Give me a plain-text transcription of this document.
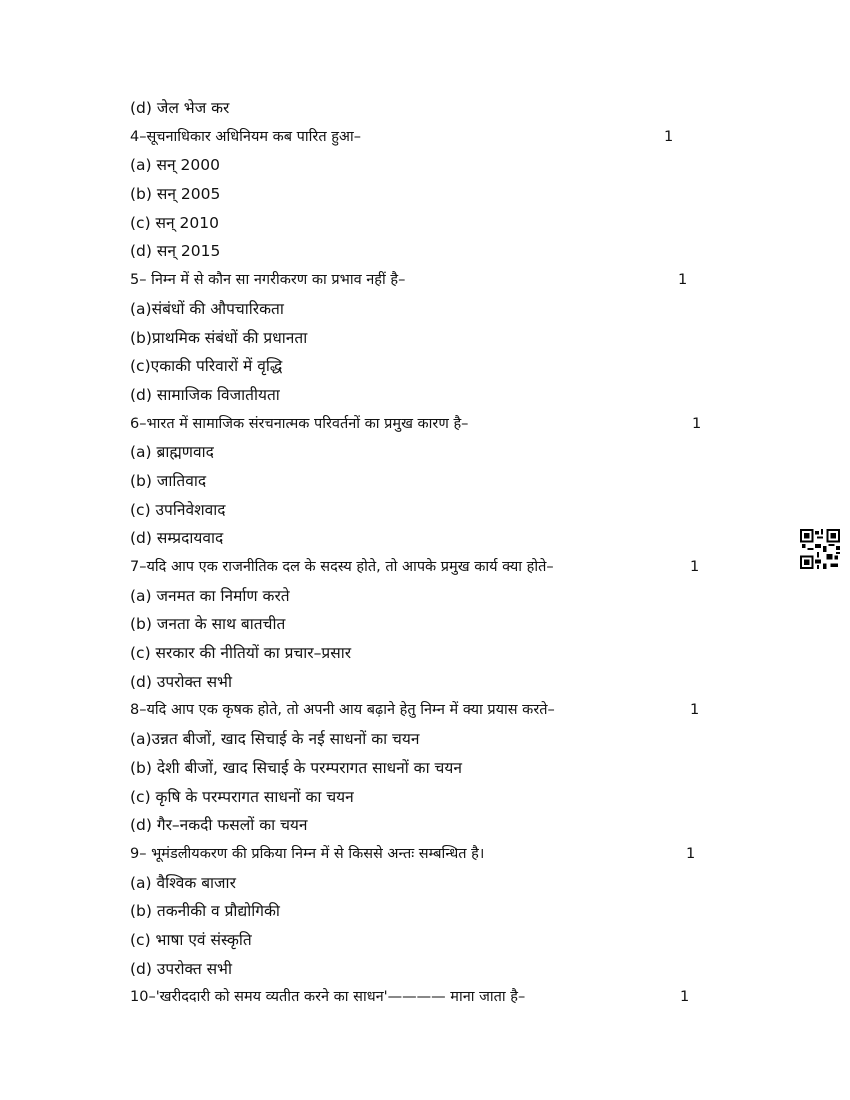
(d) जेल भेज कर
4–सूचनाधिकार अधिनियम कब पारित हुआ–	1
(a) सन् 2000
(b) सन् 2005
(c) सन् 2010
(d) सन् 2015
5– निम्न में से कौन सा नगरीकरण का प्रभाव नहीं है–	1
(a)संबंधों की औपचारिकता
(b)प्राथमिक संबंधों की प्रधानता
(c)एकाकी परिवारों में वृद्धि
(d) सामाजिक विजातीयता
6–भारत में सामाजिक संरचनात्मक परिवर्तनों का प्रमुख कारण है–	1
(a) ब्राह्मणवाद
(b) जातिवाद
(c) उपनिवेशवाद
(d) सम्प्रदायवाद
7–यदि आप एक राजनीतिक दल के सदस्य होते, तो आपके प्रमुख कार्य क्या होते–	1
(a) जनमत का निर्माण करते
(b) जनता के साथ बातचीत
(c) सरकार की नीतियों का प्रचार–प्रसार
(d) उपरोक्त सभी
8–यदि आप एक कृषक होते, तो अपनी आय बढ़ाने हेतु निम्न में क्या प्रयास करते–	1
(a)उन्नत बीजों, खाद सिचाई के नई साधनों का चयन
(b) देशी बीजों, खाद सिचाई के परम्परागत साधनों का चयन
(c) कृषि के परम्परागत साधनों का चयन
(d) गैर–नकदी फसलों का चयन
9– भूमंडलीयकरण की प्रकिया निम्न में से किससे अन्तः सम्बन्धित है।	1
(a) वैश्विक बाजार
(b) तकनीकी व प्रौद्योगिकी
(c) भाषा एवं संस्कृति
(d) उपरोक्त सभी
10–'खरीददारी को समय व्यतीत करने का साधन'———— माना जाता है–	1
